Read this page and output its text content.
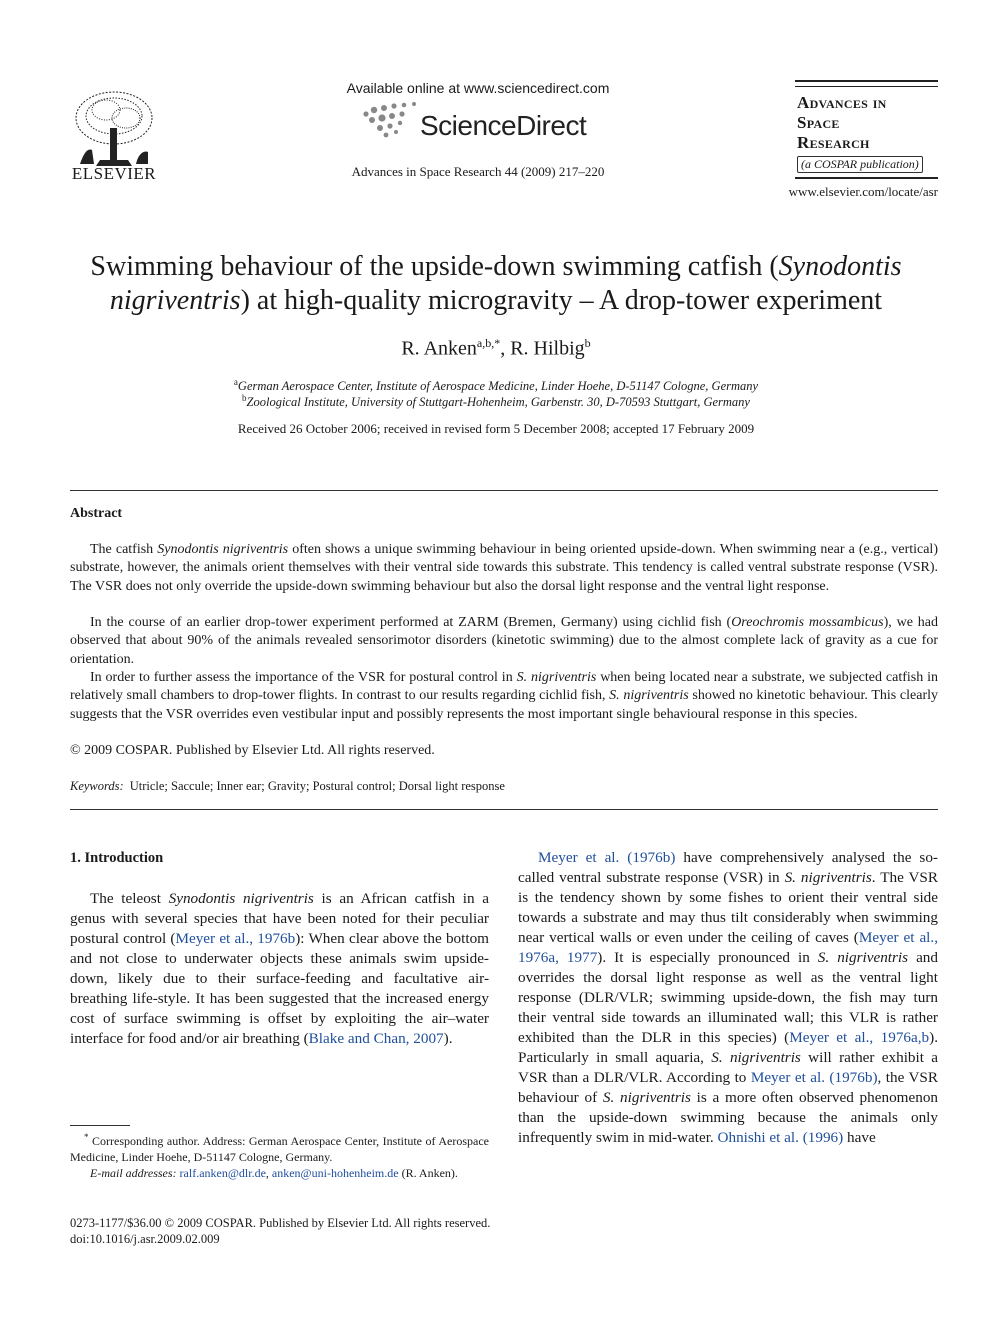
ELSEVIER
Available online at www.sciencedirect.com
ScienceDirect
Advances in Space Research 44 (2009) 217–220
Advances in
Space
Research
(a COSPAR publication)
www.elsevier.com/locate/asr
Swimming behaviour of the upside-down swimming catfish (Synodontis nigriventris) at high-quality microgravity – A drop-tower experiment
R. Anken$^{a,b,*}$, R. Hilbig$^b$
$^a$German Aerospace Center, Institute of Aerospace Medicine, Linder Hoehe, D-51147 Cologne, Germany
$^b$Zoological Institute, University of Stuttgart-Hohenheim, Garbenstr. 30, D-70593 Stuttgart, Germany
Received 26 October 2006; received in revised form 5 December 2008; accepted 17 February 2009
Abstract
The catfish Synodontis nigriventris often shows a unique swimming behaviour in being oriented upside-down. When swimming near a (e.g., vertical) substrate, however, the animals orient themselves with their ventral side towards this substrate. This tendency is called ventral substrate response (VSR). The VSR does not only override the upside-down swimming behaviour but also the dorsal light response and the ventral light response.
In the course of an earlier drop-tower experiment performed at ZARM (Bremen, Germany) using cichlid fish (Oreochromis mossambicus), we had observed that about 90% of the animals revealed sensorimotor disorders (kinetotic swimming) due to the almost complete lack of gravity as a cue for orientation.
In order to further assess the importance of the VSR for postural control in S. nigriventris when being located near a substrate, we subjected catfish in relatively small chambers to drop-tower flights. In contrast to our results regarding cichlid fish, S. nigriventris showed no kinetotic behaviour. This clearly suggests that the VSR overrides even vestibular input and possibly represents the most important single behavioural response in this species.
© 2009 COSPAR. Published by Elsevier Ltd. All rights reserved.
Keywords: Utricle; Saccule; Inner ear; Gravity; Postural control; Dorsal light response
1. Introduction
The teleost Synodontis nigriventris is an African catfish in a genus with several species that have been noted for their peculiar postural control (Meyer et al., 1976b): When clear above the bottom and not close to underwater objects these animals swim upside-down, likely due to their surface-feeding and facultative air-breathing life-style. It has been suggested that the increased energy cost of surface swimming is offset by exploiting the air–water interface for food and/or air breathing (Blake and Chan, 2007).
Meyer et al. (1976b) have comprehensively analysed the so-called ventral substrate response (VSR) in S. nigriventris. The VSR is the tendency shown by some fishes to orient their ventral side towards a substrate and may thus tilt considerably when swimming near vertical walls or even under the ceiling of caves (Meyer et al., 1976a, 1977). It is especially pronounced in S. nigriventris and overrides the dorsal light response as well as the ventral light response (DLR/VLR; swimming upside-down, the fish may turn their ventral side towards an illuminated wall; this VLR is rather exhibited than the DLR in this species) (Meyer et al., 1976a,b). Particularly in small aquaria, S. nigriventris will rather exhibit a VSR than a DLR/VLR. According to Meyer et al. (1976b), the VSR behaviour of S. nigriventris is a more often observed phenomenon than the upside-down swimming because the animals only infrequently swim in mid-water. Ohnishi et al. (1996) have
* Corresponding author. Address: German Aerospace Center, Institute of Aerospace Medicine, Linder Hoehe, D-51147 Cologne, Germany.
E-mail addresses: ralf.anken@dlr.de, anken@uni-hohenheim.de (R. Anken).
0273-1177/$36.00 © 2009 COSPAR. Published by Elsevier Ltd. All rights reserved.
doi:10.1016/j.asr.2009.02.009
